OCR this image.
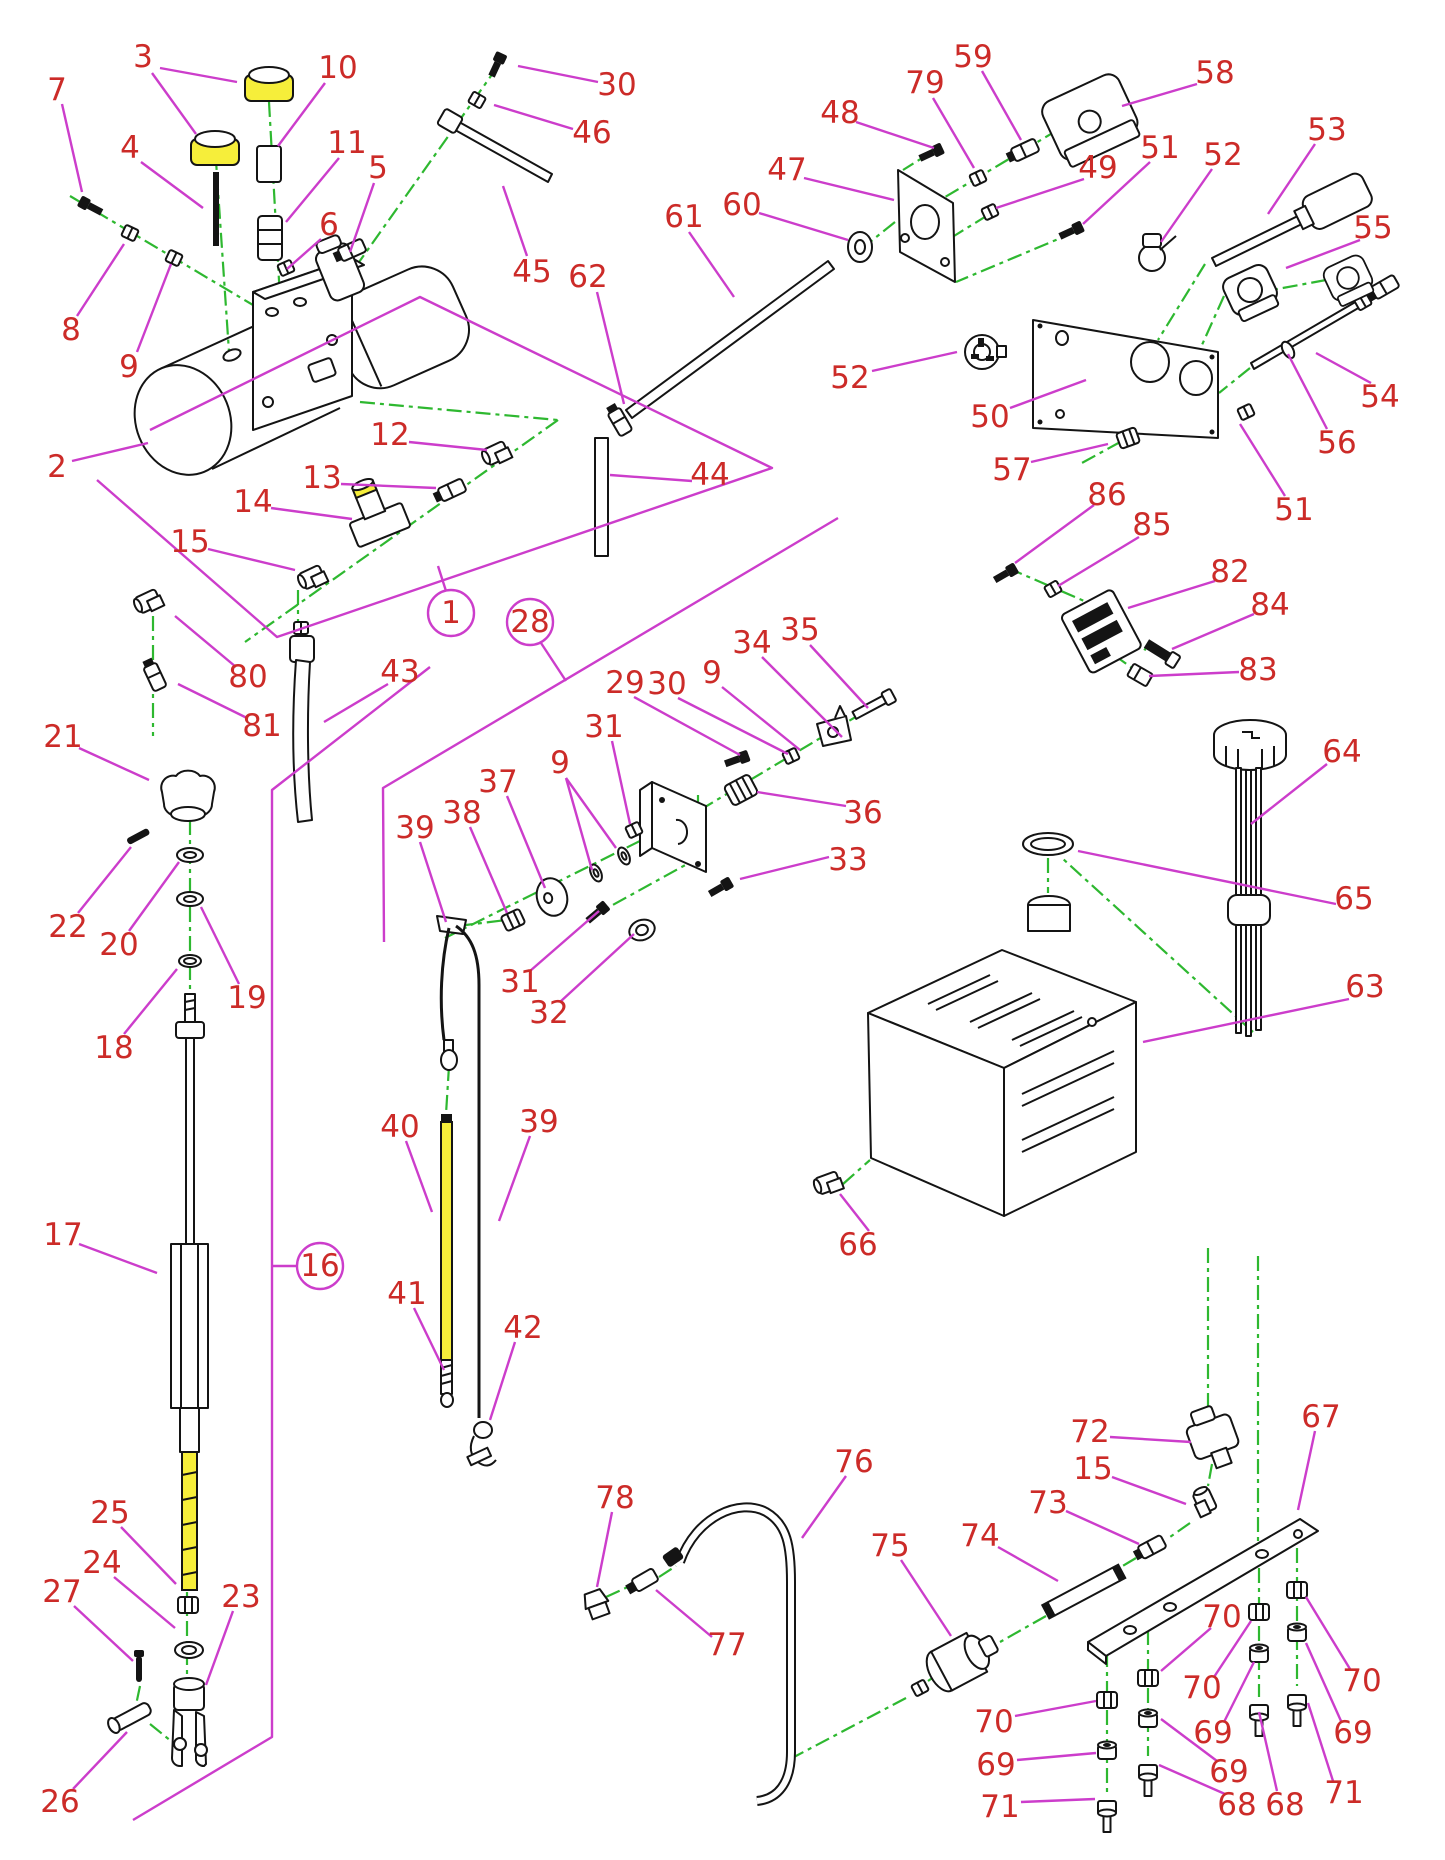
7
3	10	30
46
45
4	11
5
6
8
9
2
12
13
14
15
80
81
43
44
61 60
62
48
79
59	58
47
53
51 52
49
55
52
50
57
54
56
51
86
85
82
84
83
29 30 9
34 35
31
9
37
38
39	36
33
31
32
40	39
41
42
21
22 20
19
18
17
25
24
27	23
26
64
65
63
66
72
15
73
74
75
76
77
78
67
70
69
71
70
70
69
69
68 68
70
69
71
1 28
16
